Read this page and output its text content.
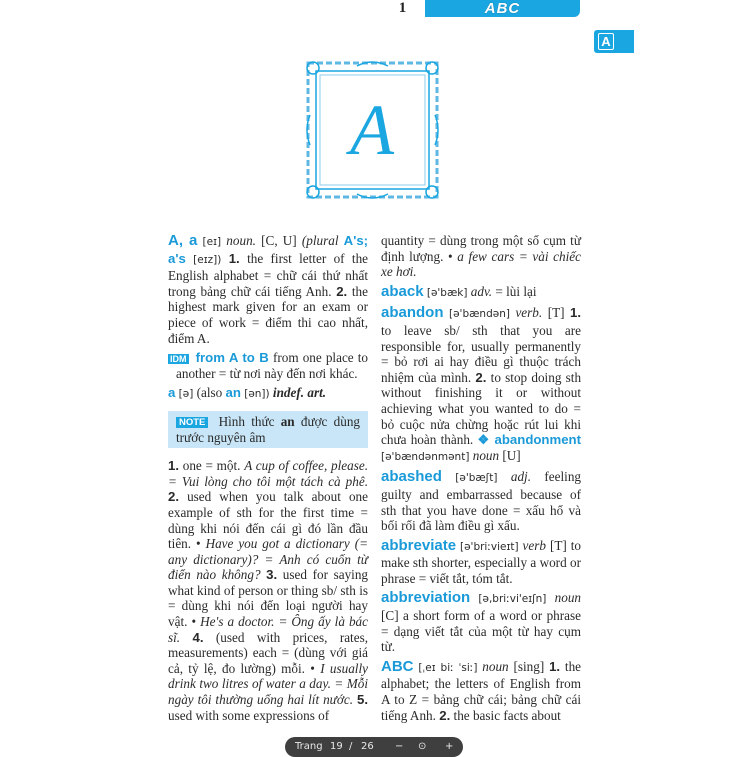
1	ABC
A
A
A, a [eɪ] noun. [C, U] (plural A's; a's [eɪz]) 1. the first letter of the English alphabet = chữ cái thứ nhất trong bảng chữ cái tiếng Anh. 2. the highest mark given for an exam or piece of work = điểm thi cao nhất, điểm A.
IDM from A to B from one place to another = từ nơi này đến nơi khác.
a [ə] (also an [ən]) indef. art.
NOTE Hình thức an được dùng trước nguyên âm
1. one = một. A cup of coffee, please. = Vui lòng cho tôi một tách cà phê. 2. used when you talk about one example of sth for the first time = dùng khi nói đến cái gì đó lần đầu tiên. • Have you got a dictionary (= any dictionary)? = Anh có cuốn từ điển nào không? 3. used for saying what kind of person or thing sb/ sth is = dùng khi nói đến loại người hay vật. • He's a doctor. = Ông ấy là bác sĩ. 4. (used with prices, rates, measurements) each = (dùng với giá cả, tỷ lệ, đo lường) mỗi. • I usually drink two litres of water a day. = Mỗi ngày tôi thường uống hai lít nước. 5. used with some expressions of
quantity = dùng trong một số cụm từ định lượng. • a few cars = vài chiếc xe hơi.
aback [ə'bæk] adv. = lùi lại
abandon [ə'bændən] verb. [T] 1. to leave sb/ sth that you are responsible for, usually permanently = bỏ rơi ai hay điều gì thuộc trách nhiệm của mình. 2. to stop doing sth without finishing it or without achieving what you wanted to do = bỏ cuộc nửa chừng hoặc rút lui khi chưa hoàn thành. ❖ abandonment [ə'bændənmənt] noun [U]
abashed [ə'bæʃt] adj. feeling guilty and embarrassed because of sth that you have done = xấu hổ và bối rối đã làm điều gì xấu.
abbreviate [ə'briːvieɪt] verb [T] to make sth shorter, especially a word or phrase = viết tắt, tóm tắt.
abbreviation [ə,briːvi'eɪʃn] noun [C] a short form of a word or phrase = dạng viết tắt của một từ hay cụm từ.
ABC [ˌeɪ biː ˈsiː] noun [sing] 1. the alphabet; the letters of English from A to Z = bảng chữ cái; bảng chữ cái tiếng Anh. 2. the basic facts about
Trang 19 / 26 − ⊙ +
